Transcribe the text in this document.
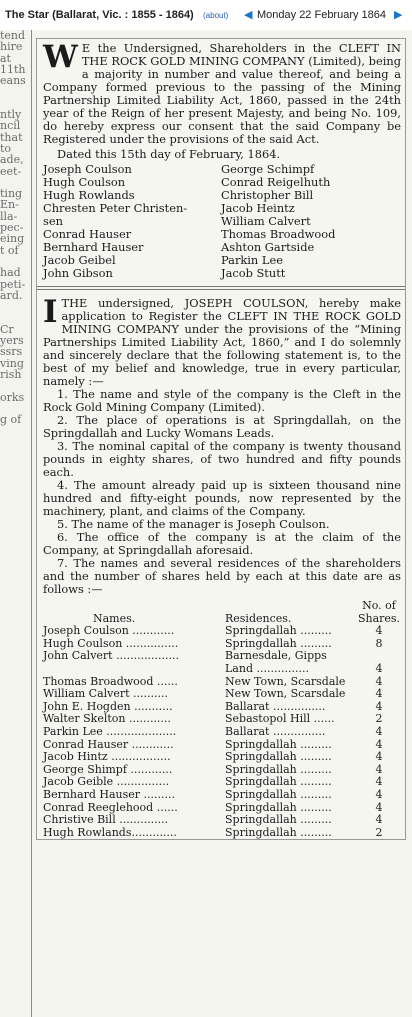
The Star (Ballarat, Vic. : 1855 - 1864) (about) ◀ Monday 22 February 1864 ▶
tend
hire
at
11th
eans

ntly
ncil
that
to
ade,
eet-

ting
En-
lla-
pec-
eing
t of

had
peti-
ard.

Cr
yers
ssrs
ving
rish

orks

g of
W E the Undersigned, Shareholders in the CLEFT IN THE ROCK GOLD MINING COMPANY (Limited), being a majority in number and value thereof, and being a Company formed previous to the passing of the Mining Partnership Limited Liability Act, 1860, passed in the 24th year of the Reign of her present Majesty, and being No. 109, do hereby express our consent that the said Company be Registered under the provisions of the said Act.
Dated this 15th day of February, 1864.
Joseph Coulson	George Schimpf
Hugh Coulson	Conrad Reigelhuth
Hugh Rowlands	Christopher Bill
Chresten Peter Christen-	Jacob Heintz
sen	William Calvert
Conrad Hauser	Thomas Broadwood
Bernhard Hauser	Ashton Gartside
Jacob Geibel	Parkin Lee
John Gibson	Jacob Stutt
I THE undersigned, JOSEPH COULSON, hereby make application to Register the CLEFT IN THE ROCK GOLD MINING COMPANY under the provisions of the “Mining Partnerships Limited Liability Act, 1860,” and I do solemnly and sincerely declare that the following statement is, to the best of my belief and knowledge, true in every particular, namely :—
1. The name and style of the company is the Cleft in the Rock Gold Mining Company (Limited).
2. The place of operations is at Springdallah, on the Springdallah and Lucky Womans Leads.
3. The nominal capital of the company is twenty thousand pounds in eighty shares, of two hundred and fifty pounds each.
4. The amount already paid up is sixteen thousand nine hundred and fifty-eight pounds, now represented by the machinery, plant, and claims of the Company.
5. The name of the manager is Joseph Coulson.
6. The office of the company is at the claim of the Company, at Springdallah aforesaid.
7. The names and several residences of the shareholders and the number of shares held by each at this date are as follows :—
No. of
Names.	Residences.	Shares.
Joseph Coulson ............	Springdallah .........	4
Hugh Coulson ...............	Springdallah .........	8
John Calvert ..................	Barnesdale, Gipps
Land ...............	4
Thomas Broadwood ......	New Town, Scarsdale	4
William Calvert ..........	New Town, Scarsdale	4
John E. Hogden ...........	Ballarat ...............	4
Walter Skelton ............	Sebastopol Hill ......	2
Parkin Lee ....................	Ballarat ...............	4
Conrad Hauser ............	Springdallah .........	4
Jacob Hintz .................	Springdallah .........	4
George Shimpf ............	Springdallah .........	4
Jacob Geible ...............	Springdallah .........	4
Bernhard Hauser .........	Springdallah .........	4
Conrad Reeglehood ......	Springdallah .........	4
Christive Bill ..............	Springdallah .........	4
Hugh Rowlands.............	Springdallah .........	2
